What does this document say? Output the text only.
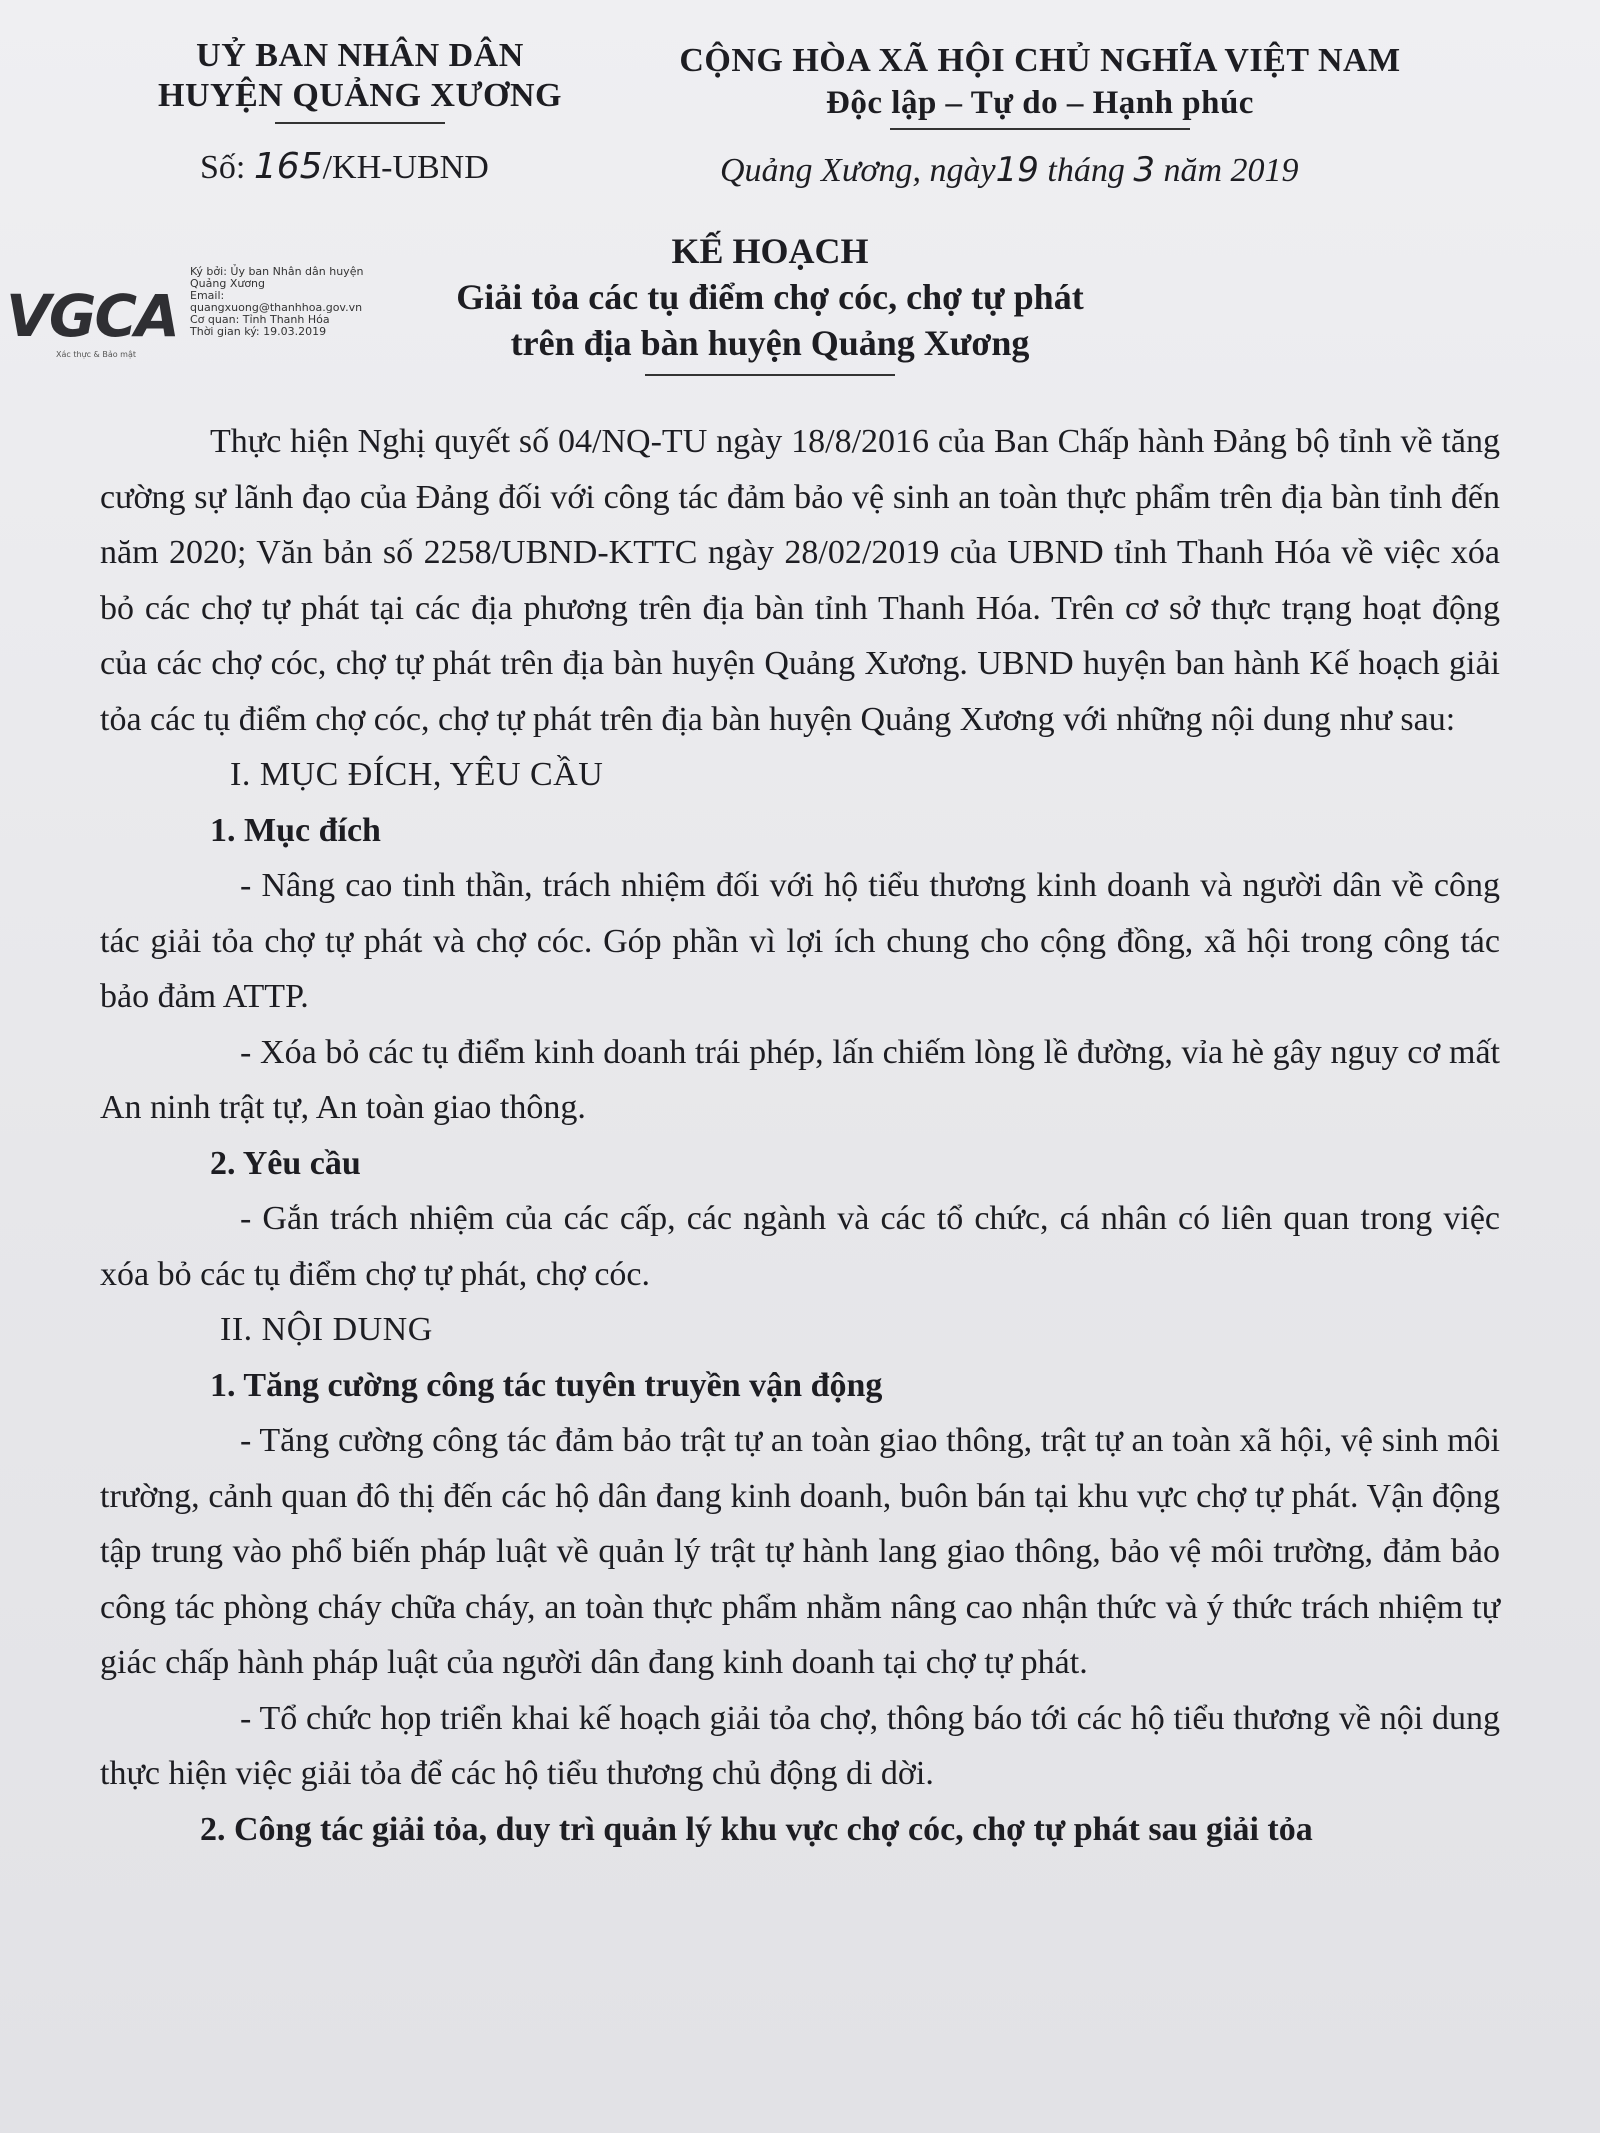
UỶ BAN NHÂN DÂN
HUYỆN QUẢNG XƯƠNG
CỘNG HÒA XÃ HỘI CHỦ NGHĨA VIỆT NAM
Độc lập – Tự do – Hạnh phúc
Số: 165/KH-UBND	Quảng Xương, ngày19 tháng 3 năm 2019
VGCA
Xác thực & Bảo mật
Ký bởi: Ủy ban Nhân dân huyện Quảng Xương
Email:
quangxuong@thanhhoa.gov.vn
Cơ quan: Tỉnh Thanh Hóa
Thời gian ký: 19.03.2019
KẾ HOẠCH
Giải tỏa các tụ điểm chợ cóc, chợ tự phát
trên địa bàn huyện Quảng Xương

Thực hiện Nghị quyết số 04/NQ-TU ngày 18/8/2016 của Ban Chấp hành Đảng bộ tỉnh về tăng cường sự lãnh đạo của Đảng đối với công tác đảm bảo vệ sinh an toàn thực phẩm trên địa bàn tỉnh đến năm 2020; Văn bản số 2258/UBND-KTTC ngày 28/02/2019 của UBND tỉnh Thanh Hóa về việc xóa bỏ các chợ tự phát tại các địa phương trên địa bàn tỉnh Thanh Hóa. Trên cơ sở thực trạng hoạt động của các chợ cóc, chợ tự phát trên địa bàn huyện Quảng Xương. UBND huyện ban hành Kế hoạch giải tỏa các tụ điểm chợ cóc, chợ tự phát trên địa bàn huyện Quảng Xương với những nội dung như sau:

I. MỤC ĐÍCH, YÊU CẦU

1. Mục đích

- Nâng cao tinh thần, trách nhiệm đối với hộ tiểu thương kinh doanh và người dân về công tác giải tỏa chợ tự phát và chợ cóc. Góp phần vì lợi ích chung cho cộng đồng, xã hội trong công tác bảo đảm ATTP.

- Xóa bỏ các tụ điểm kinh doanh trái phép, lấn chiếm lòng lề đường, vỉa hè gây nguy cơ mất An ninh trật tự, An toàn giao thông.

2. Yêu cầu

- Gắn trách nhiệm của các cấp, các ngành và các tổ chức, cá nhân có liên quan trong việc xóa bỏ các tụ điểm chợ tự phát, chợ cóc.

II. NỘI DUNG

1. Tăng cường công tác tuyên truyền vận động

- Tăng cường công tác đảm bảo trật tự an toàn giao thông, trật tự an toàn xã hội, vệ sinh môi trường, cảnh quan đô thị đến các hộ dân đang kinh doanh, buôn bán tại khu vực chợ tự phát. Vận động tập trung vào phổ biến pháp luật về quản lý trật tự hành lang giao thông, bảo vệ môi trường, đảm bảo công tác phòng cháy chữa cháy, an toàn thực phẩm nhằm nâng cao nhận thức và ý thức trách nhiệm tự giác chấp hành pháp luật của người dân đang kinh doanh tại chợ tự phát.

- Tổ chức họp triển khai kế hoạch giải tỏa chợ, thông báo tới các hộ tiểu thương về nội dung thực hiện việc giải tỏa để các hộ tiểu thương chủ động di dời.

2. Công tác giải tỏa, duy trì quản lý khu vực chợ cóc, chợ tự phát sau giải tỏa
